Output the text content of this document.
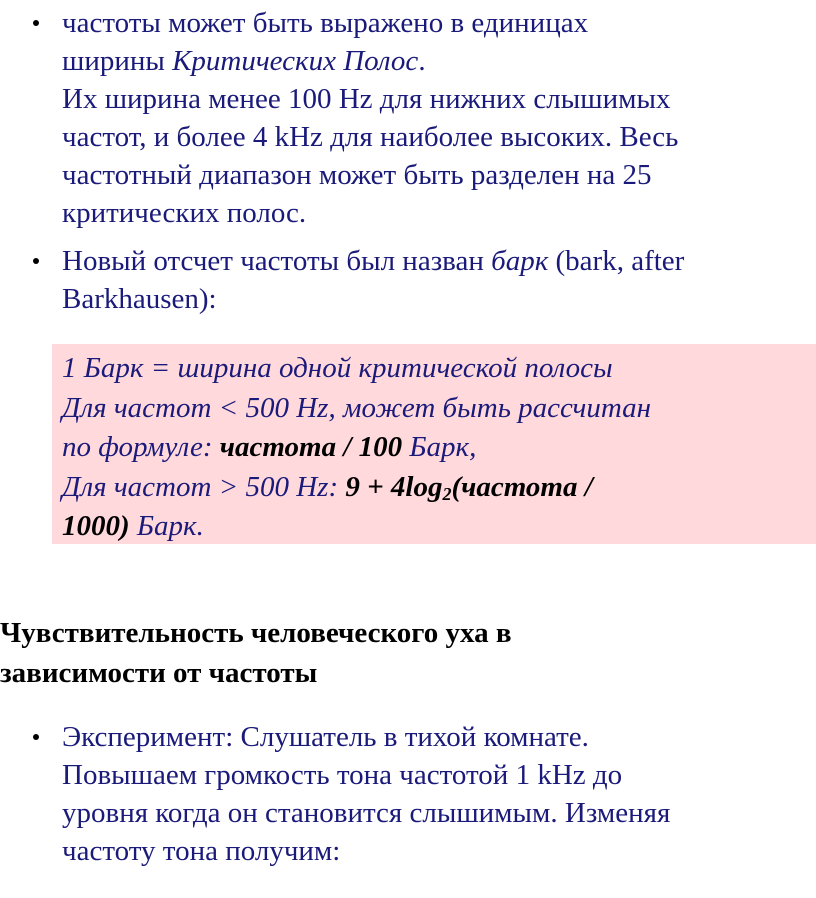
частоты может быть выражено в единицах
ширины Критических Полос.
Их ширина менее 100 Hz для нижних слышимых
частот, и более 4 kHz для наиболее высоких. Весь
частотный диапазон может быть разделен на 25
критических полос.
Новый отсчет частоты был назван барк (bark, after
Barkhausen):
1 Барк = ширина одной критической полосы
Для частот < 500 Hz, может быть рассчитан
по формуле: частота / 100 Барк,
Для частот > 500 Hz: $9 + 4\log_2(частота$ /
1000) Барк.
Чувствительность человеческого уха в
зависимости от частоты
Эксперимент: Слушатель в тихой комнате.
Повышаем громкость тона частотой 1 kHz до
уровня когда он становится слышимым. Изменяя
частоту тона получим:
